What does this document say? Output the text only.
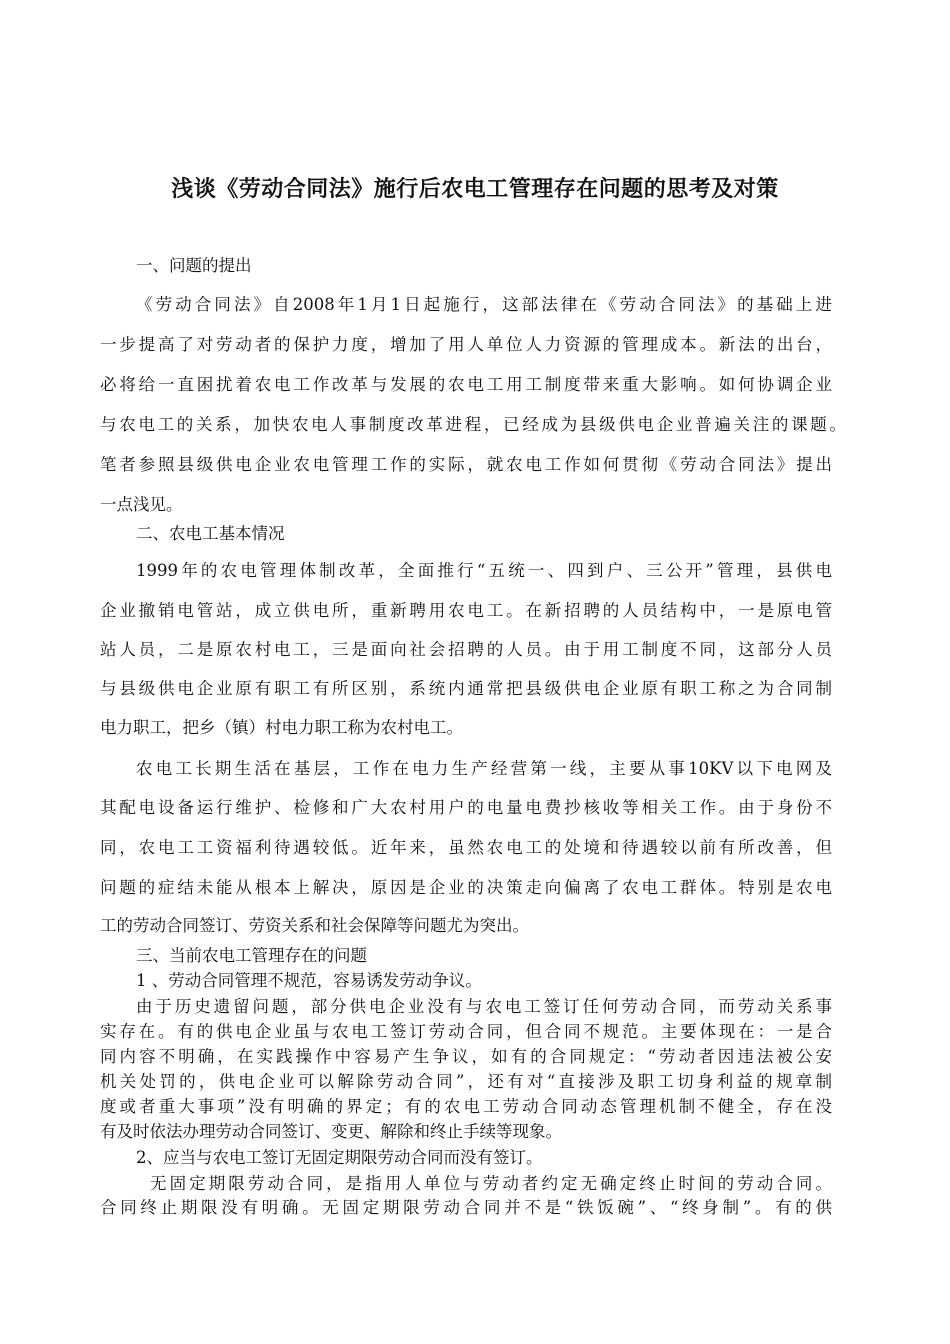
浅谈《劳动合同法》施行后农电工管理存在问题的思考及对策
一、问题的提出
《劳动合同法》自2008年1月1日起施行，这部法律在《劳动合同法》的基础上进
一步提高了对劳动者的保护力度，增加了用人单位人力资源的管理成本。新法的出台，
必将给一直困扰着农电工作改革与发展的农电工用工制度带来重大影响。如何协调企业
与农电工的关系，加快农电人事制度改革进程，已经成为县级供电企业普遍关注的课题。
笔者参照县级供电企业农电管理工作的实际，就农电工作如何贯彻《劳动合同法》提出
一点浅见。
二、农电工基本情况
1999年的农电管理体制改革，全面推行“五统一、四到户、三公开”管理，县供电
企业撤销电管站，成立供电所，重新聘用农电工。在新招聘的人员结构中，一是原电管
站人员，二是原农村电工，三是面向社会招聘的人员。由于用工制度不同，这部分人员
与县级供电企业原有职工有所区别，系统内通常把县级供电企业原有职工称之为合同制
电力职工，把乡（镇）村电力职工称为农村电工。
农电工长期生活在基层，工作在电力生产经营第一线，主要从事10KV以下电网及
其配电设备运行维护、检修和广大农村用户的电量电费抄核收等相关工作。由于身份不
同，农电工工资福利待遇较低。近年来，虽然农电工的处境和待遇较以前有所改善，但
问题的症结未能从根本上解决，原因是企业的决策走向偏离了农电工群体。特别是农电
工的劳动合同签订、劳资关系和社会保障等问题尤为突出。
三、当前农电工管理存在的问题
1 、劳动合同管理不规范，容易诱发劳动争议。
由于历史遗留问题，部分供电企业没有与农电工签订任何劳动合同，而劳动关系事
实存在。有的供电企业虽与农电工签订劳动合同，但合同不规范。主要体现在：一是合
同内容不明确，在实践操作中容易产生争议，如有的合同规定：“劳动者因违法被公安
机关处罚的，供电企业可以解除劳动合同”，还有对“直接涉及职工切身利益的规章制
度或者重大事项”没有明确的界定；有的农电工劳动合同动态管理机制不健全，存在没
有及时依法办理劳动合同签订、变更、解除和终止手续等现象。
2、应当与农电工签订无固定期限劳动合同而没有签订。
无固定期限劳动合同，是指用人单位与劳动者约定无确定终止时间的劳动合同。
合同终止期限没有明确。无固定期限劳动合同并不是“铁饭碗”、“终身制”。有的供
